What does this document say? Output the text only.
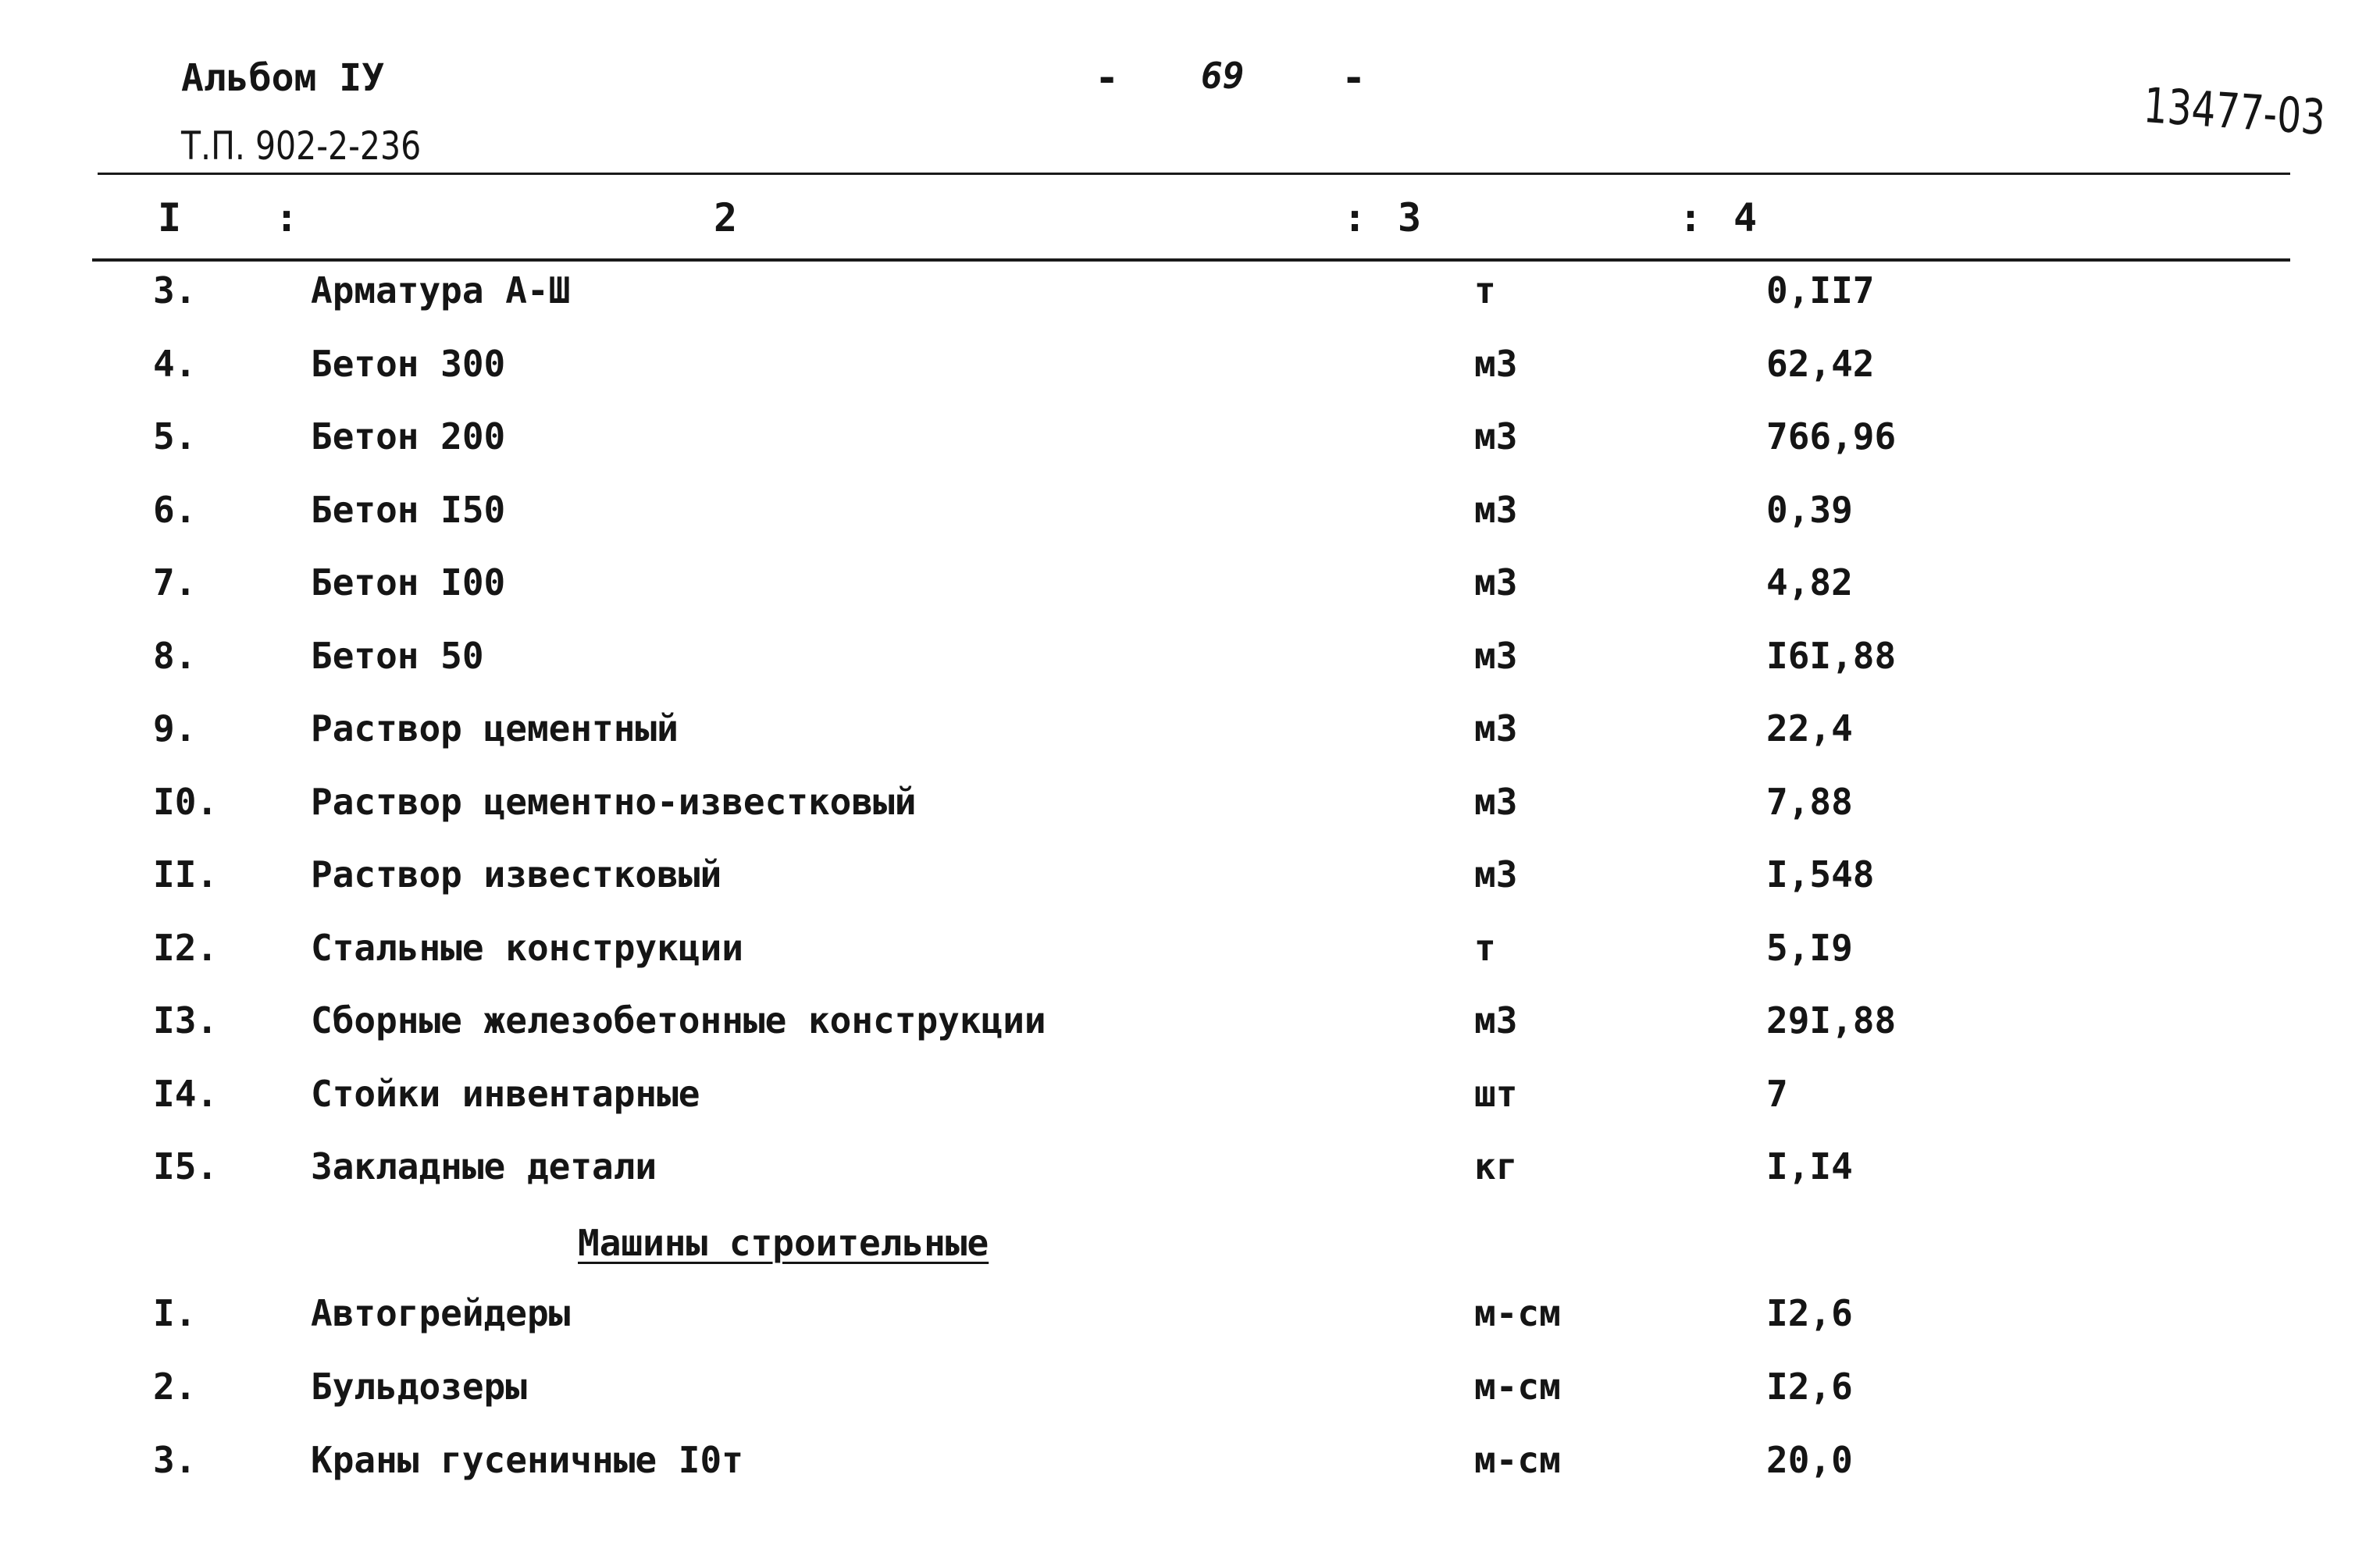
Альбом IУ
Т.П. 902-2-236
- 69 -	13477-03
I :	2	: 3	: 4
3.	Арматура А-Ш	т	0,II7
4.	Бетон 300	м3	62,42
5.	Бетон 200	м3	766,96
6.	Бетон I50	м3	0,39
7.	Бетон I00	м3	4,82
8.	Бетон 50	м3	I6I,88
9.	Раствор цементный	м3	22,4
I0.	Раствор цементно-известковый	м3	7,88
II.	Раствор известковый	м3	I,548
I2.	Стальные конструкции	т	5,I9
I3.	Сборные железобетонные конструкции	м3	29I,88
I4.	Стойки инвентарные	шт	7
I5.	Закладные детали	кг	I,I4
Машины строительные
I.	Автогрейдеры	м-см	I2,6
2.	Бульдозеры	м-см	I2,6
3.	Краны гусеничные I0т	м-см	20,0
